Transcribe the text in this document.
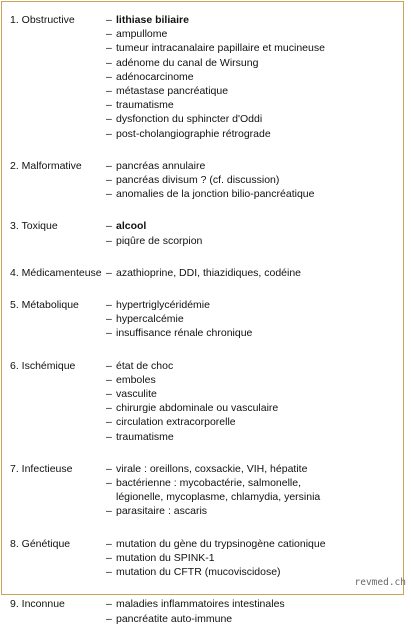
1. Obstructive	– lithiase biliaire
– ampullome
– tumeur intracanalaire papillaire et mucineuse
– adénome du canal de Wirsung
– adénocarcinome
– métastase pancréatique
– traumatisme
– dysfonction du sphincter d'Oddi
– post-cholangiographie rétrograde
2. Malformative	– pancréas annulaire
– pancréas divisum ? (cf. discussion)
– anomalies de la jonction bilio-pancréatique
3. Toxique	– alcool
– piqûre de scorpion
4. Médicamenteuse – azathioprine, DDI, thiazidiques, codéine
5. Métabolique	– hypertriglycéridémie
– hypercalcémie
– insuffisance rénale chronique
6. Ischémique	– état de choc
– emboles
– vasculite
– chirurgie abdominale ou vasculaire
– circulation extracorporelle
– traumatisme
7. Infectieuse	– virale : oreillons, coxsackie, VIH, hépatite
– bactérienne : mycobactérie, salmonelle,
légionelle, mycoplasme, chlamydia, yersinia
– parasitaire : ascaris
8. Génétique	– mutation du gène du trypsinogène cationique
– mutation du SPINK-1
– mutation du CFTR (mucoviscidose)
9. Inconnue	– maladies inflammatoires intestinales
– pancréatite auto-immune
revmed.ch
